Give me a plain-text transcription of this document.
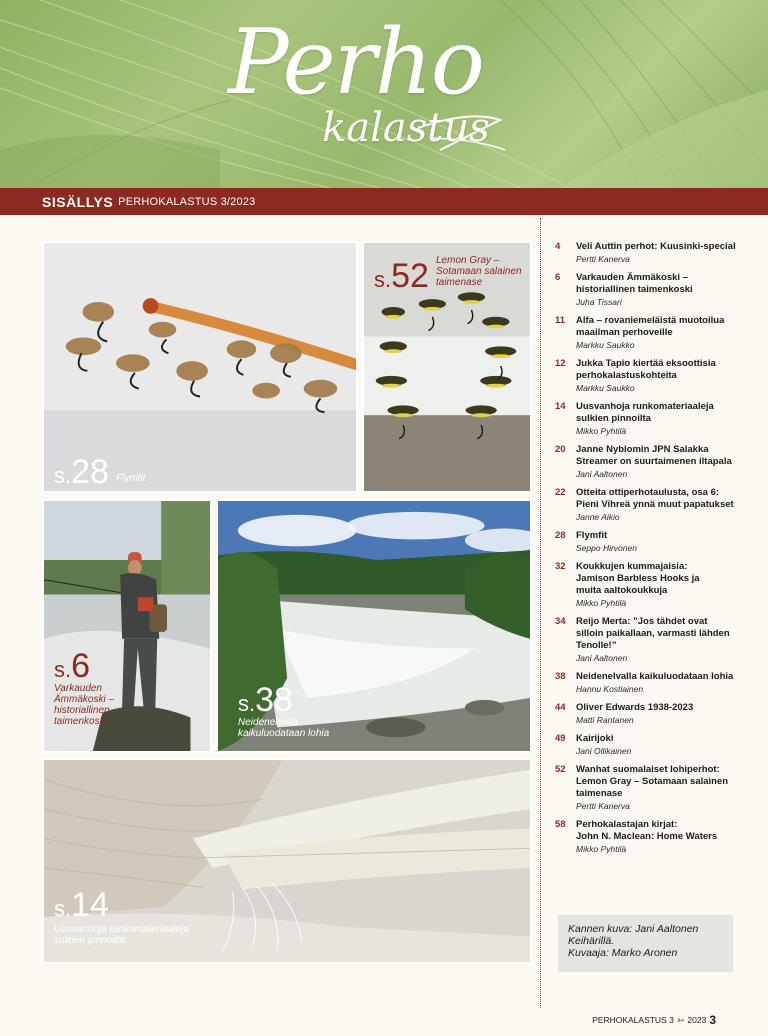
Perho
kalastus
SISÄLLYS PERHOKALASTUS 3/2023
s.28 Flymfit
s.52 Lemon Gray –
Sotamaan salainen
taimenase
s.6
Varkauden
Ämmäkoski –
historiallinen
taimenkoski
s.38
Neidenelvalla
kaikuluodataan lohia
s.14
Uusvanhoja runkomateriaaleja
sulkien pinnoilta
4	Veli Auttin perhot: Kuusinki-special
Pertti Kanerva
6	Varkauden Ämmäkoski –
historiallinen taimenkoski
Juha Tissari
11	Alfa – rovaniemeläistä muotoilua
maailman perhoveille
Markku Saukko
12	Jukka Tapio kiertää eksoottisia
perhokalastuskohteita
Markku Saukko
14	Uusvanhoja runkomateriaaleja
sulkien pinnoilta
Mikko Pyhtilä
20	Janne Nyblomin JPN Salakka
Streamer on suurtaimenen iltapala
Jani Aaltonen
22	Otteita ottiperhotaulusta, osa 6:
Pieni Vihreä ynnä muut papatukset
Janne Aikio
28	Flymfit
Seppo Hirvonen
32	Koukkujen kummajaisia:
Jamison Barbless Hooks ja
muita aaltokoukkuja
Mikko Pyhtilä
34	Reijo Merta: ”Jos tähdet ovat
silloin paikallaan, varmasti lähden
Tenolle!”
Jani Aaltonen
38	Neidenelvalla kaikuluodataan lohia
Hannu Kostiainen
44	Oliver Edwards 1938-2023
Matti Rantanen
49	Kairijoki
Jani Ollikainen
52	Wanhat suomalaiset lohiperhot:
Lemon Gray – Sotamaan salainen
taimenase
Pertti Kanerva
58	Perhokalastajan kirjat:
John N. Maclean: Home Waters
Mikko Pyhtilä
Kannen kuva: Jani Aaltonen
Keihärillä.
Kuvaaja: Marko Aronen
PERHOKALASTUS 3 ➳ 2023 3
